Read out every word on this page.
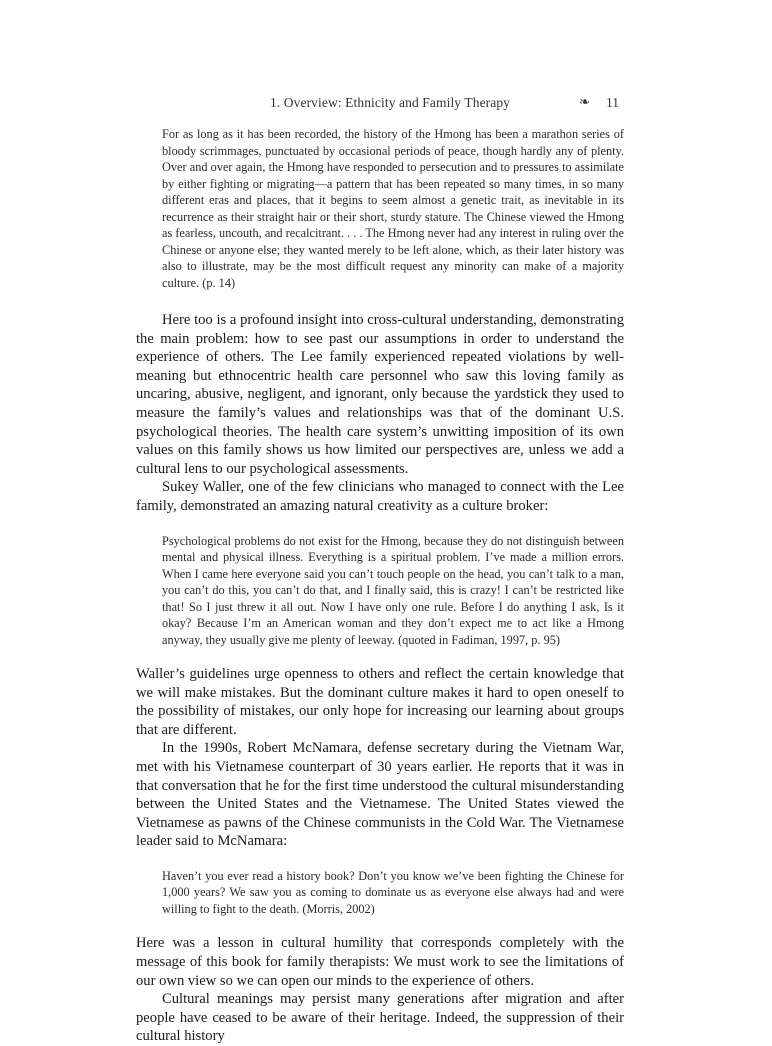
1. Overview: Ethnicity and Family Therapy	❧ 11

For as long as it has been recorded, the history of the Hmong has been a marathon series of bloody scrimmages, punctuated by occasional periods of peace, though hardly any of plenty. Over and over again, the Hmong have responded to persecution and to pressures to assimilate by either fighting or migrating—a pattern that has been repeated so many times, in so many different eras and places, that it begins to seem almost a genetic trait, as inevitable in its recurrence as their straight hair or their short, sturdy stature. The Chinese viewed the Hmong as fearless, uncouth, and recalcitrant. . . . The Hmong never had any interest in ruling over the Chinese or anyone else; they wanted merely to be left alone, which, as their later history was also to illustrate, may be the most difficult request any minority can make of a majority culture. (p. 14)

Here too is a profound insight into cross-cultural understanding, demonstrating the main problem: how to see past our assumptions in order to understand the experience of others. The Lee family experienced repeated violations by well-meaning but ethnocentric health care personnel who saw this loving family as uncaring, abusive, negligent, and ignorant, only because the yardstick they used to measure the family’s values and relationships was that of the dominant U.S. psychological theories. The health care system’s unwitting imposition of its own values on this family shows us how limited our perspectives are, unless we add a cultural lens to our psychological assessments.

Sukey Waller, one of the few clinicians who managed to connect with the Lee family, demonstrated an amazing natural creativity as a culture broker:

Psychological problems do not exist for the Hmong, because they do not distinguish between mental and physical illness. Everything is a spiritual problem. I’ve made a million errors. When I came here everyone said you can’t touch people on the head, you can’t talk to a man, you can’t do this, you can’t do that, and I finally said, this is crazy! I can’t be restricted like that! So I just threw it all out. Now I have only one rule. Before I do anything I ask, Is it okay? Because I’m an American woman and they don’t expect me to act like a Hmong anyway, they usually give me plenty of leeway. (quoted in Fadiman, 1997, p. 95)

Waller’s guidelines urge openness to others and reflect the certain knowledge that we will make mistakes. But the dominant culture makes it hard to open oneself to the possibility of mistakes, our only hope for increasing our learning about groups that are different.

In the 1990s, Robert McNamara, defense secretary during the Vietnam War, met with his Vietnamese counterpart of 30 years earlier. He reports that it was in that conversation that he for the first time understood the cultural misunderstanding between the United States and the Vietnamese. The United States viewed the Vietnamese as pawns of the Chinese communists in the Cold War. The Vietnamese leader said to McNamara:

Haven’t you ever read a history book? Don’t you know we’ve been fighting the Chinese for 1,000 years? We saw you as coming to dominate us as everyone else always had and were willing to fight to the death. (Morris, 2002)

Here was a lesson in cultural humility that corresponds completely with the message of this book for family therapists: We must work to see the limitations of our own view so we can open our minds to the experience of others.

Cultural meanings may persist many generations after migration and after people have ceased to be aware of their heritage. Indeed, the suppression of their cultural history
